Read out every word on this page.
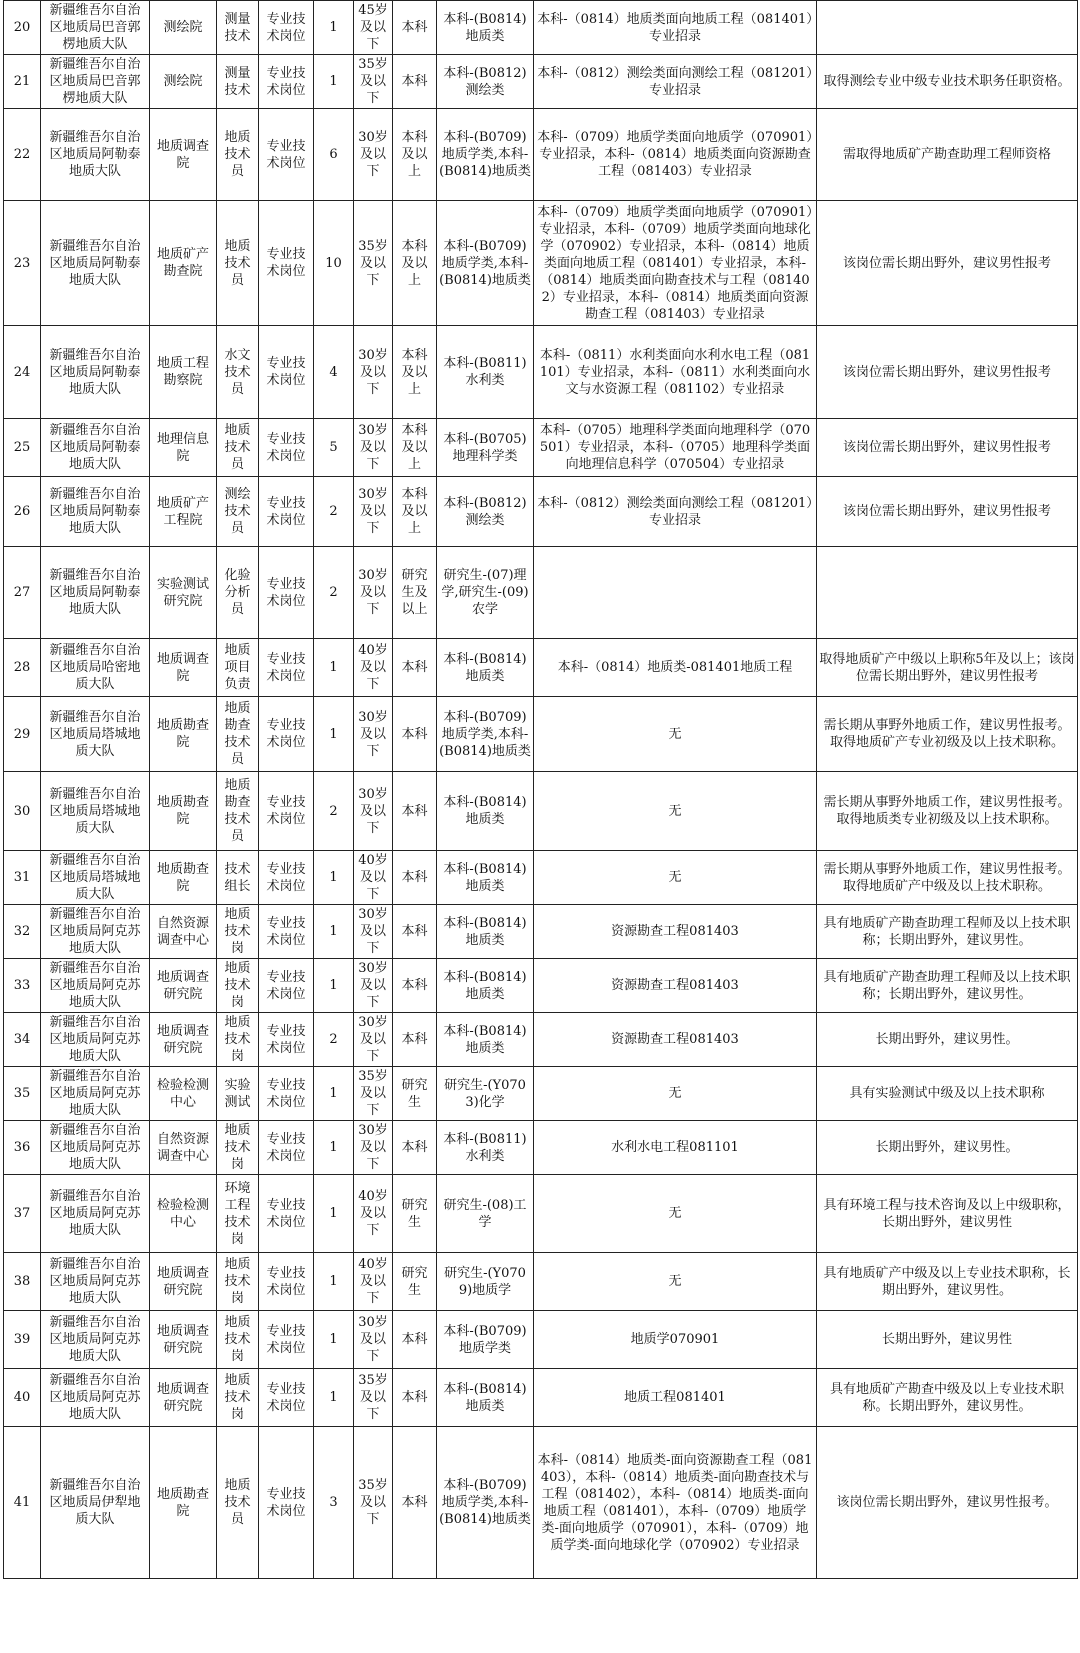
20	新疆维吾尔自治区地质局巴音郭楞地质大队	测绘院	测量技术	专业技术岗位	1	45岁及以下	本科	本科-(B0814)地质类	本科-（0814）地质类面向地质工程（081401）专业招录	
21	新疆维吾尔自治区地质局巴音郭楞地质大队	测绘院	测量技术	专业技术岗位	1	35岁及以下	本科	本科-(B0812)测绘类	本科-（0812）测绘类面向测绘工程（081201）专业招录	取得测绘专业中级专业技术职务任职资格。
22	新疆维吾尔自治区地质局阿勒泰地质大队	地质调查院	地质技术员	专业技术岗位	6	30岁及以下	本科及以上	本科-(B0709)地质学类,本科-(B0814)地质类	本科-（0709）地质学类面向地质学（070901）专业招录，本科-（0814）地质类面向资源勘查工程（081403）专业招录	需取得地质矿产勘查助理工程师资格
23	新疆维吾尔自治区地质局阿勒泰地质大队	地质矿产勘查院	地质技术员	专业技术岗位	10	35岁及以下	本科及以上	本科-(B0709)地质学类,本科-(B0814)地质类	本科-（0709）地质学类面向地质学（070901）专业招录，本科-（0709）地质学类面向地球化学（070902）专业招录，本科-（0814）地质类面向地质工程（081401）专业招录，本科-（0814）地质类面向勘查技术与工程（081402）专业招录，本科-（0814）地质类面向资源勘查工程（081403）专业招录	该岗位需长期出野外，建议男性报考
24	新疆维吾尔自治区地质局阿勒泰地质大队	地质工程勘察院	水文技术员	专业技术岗位	4	30岁及以下	本科及以上	本科-(B0811)水利类	本科-（0811）水利类面向水利水电工程（081101）专业招录，本科-（0811）水利类面向水文与水资源工程（081102）专业招录	该岗位需长期出野外，建议男性报考
25	新疆维吾尔自治区地质局阿勒泰地质大队	地理信息院	地质技术员	专业技术岗位	5	30岁及以下	本科及以上	本科-(B0705)地理科学类	本科-（0705）地理科学类面向地理科学（070501）专业招录，本科-（0705）地理科学类面向地理信息科学（070504）专业招录	该岗位需长期出野外，建议男性报考
26	新疆维吾尔自治区地质局阿勒泰地质大队	地质矿产工程院	测绘技术员	专业技术岗位	2	30岁及以下	本科及以上	本科-(B0812)测绘类	本科-（0812）测绘类面向测绘工程（081201）专业招录	该岗位需长期出野外，建议男性报考
27	新疆维吾尔自治区地质局阿勒泰地质大队	实验测试研究院	化验分析员	专业技术岗位	2	30岁及以下	研究生及以上	研究生-(07)理学,研究生-(09)农学		
28	新疆维吾尔自治区地质局哈密地质大队	地质调查院	地质项目负责	专业技术岗位	1	40岁及以下	本科	本科-(B0814)地质类	本科-（0814）地质类-081401地质工程	取得地质矿产中级以上职称5年及以上；该岗位需长期出野外，建议男性报考
29	新疆维吾尔自治区地质局塔城地质大队	地质勘查院	地质勘查技术员	专业技术岗位	1	30岁及以下	本科	本科-(B0709)地质学类,本科-(B0814)地质类	无	需长期从事野外地质工作，建议男性报考。取得地质矿产专业初级及以上技术职称。
30	新疆维吾尔自治区地质局塔城地质大队	地质勘查院	地质勘查技术员	专业技术岗位	2	30岁及以下	本科	本科-(B0814)地质类	无	需长期从事野外地质工作，建议男性报考。取得地质类专业初级及以上技术职称。
31	新疆维吾尔自治区地质局塔城地质大队	地质勘查院	技术组长	专业技术岗位	1	40岁及以下	本科	本科-(B0814)地质类	无	需长期从事野外地质工作，建议男性报考。取得地质矿产中级及以上技术职称。
32	新疆维吾尔自治区地质局阿克苏地质大队	自然资源调查中心	地质技术岗	专业技术岗位	1	30岁及以下	本科	本科-(B0814)地质类	资源勘查工程081403	具有地质矿产勘查助理工程师及以上技术职称；长期出野外，建议男性。
33	新疆维吾尔自治区地质局阿克苏地质大队	地质调查研究院	地质技术岗	专业技术岗位	1	30岁及以下	本科	本科-(B0814)地质类	资源勘查工程081403	具有地质矿产勘查助理工程师及以上技术职称；长期出野外，建议男性。
34	新疆维吾尔自治区地质局阿克苏地质大队	地质调查研究院	地质技术岗	专业技术岗位	2	30岁及以下	本科	本科-(B0814)地质类	资源勘查工程081403	长期出野外，建议男性。
35	新疆维吾尔自治区地质局阿克苏地质大队	检验检测中心	实验测试	专业技术岗位	1	35岁及以下	研究生	研究生-(Y0703)化学	无	具有实验测试中级及以上技术职称
36	新疆维吾尔自治区地质局阿克苏地质大队	自然资源调查中心	地质技术岗	专业技术岗位	1	30岁及以下	本科	本科-(B0811)水利类	水利水电工程081101	长期出野外，建议男性。
37	新疆维吾尔自治区地质局阿克苏地质大队	检验检测中心	环境工程技术岗	专业技术岗位	1	40岁及以下	研究生	研究生-(08)工学	无	具有环境工程与技术咨询及以上中级职称，长期出野外，建议男性
38	新疆维吾尔自治区地质局阿克苏地质大队	地质调查研究院	地质技术岗	专业技术岗位	1	40岁及以下	研究生	研究生-(Y0709)地质学	无	具有地质矿产中级及以上专业技术职称，长期出野外，建议男性。
39	新疆维吾尔自治区地质局阿克苏地质大队	地质调查研究院	地质技术岗	专业技术岗位	1	30岁及以下	本科	本科-(B0709)地质学类	地质学070901	长期出野外，建议男性
40	新疆维吾尔自治区地质局阿克苏地质大队	地质调查研究院	地质技术岗	专业技术岗位	1	35岁及以下	本科	本科-(B0814)地质类	地质工程081401	具有地质矿产勘查中级及以上专业技术职称。长期出野外，建议男性。
41	新疆维吾尔自治区地质局伊犁地质大队	地质勘查院	地质技术员	专业技术岗位	3	35岁及以下	本科	本科-(B0709)地质学类,本科-(B0814)地质类	本科-（0814）地质类-面向资源勘查工程（081403），本科-（0814）地质类-面向勘查技术与工程（081402），本科-（0814）地质类-面向地质工程（081401），本科-（0709）地质学类-面向地质学（070901），本科-（0709）地质学类-面向地球化学（070902）专业招录	该岗位需长期出野外，建议男性报考。
